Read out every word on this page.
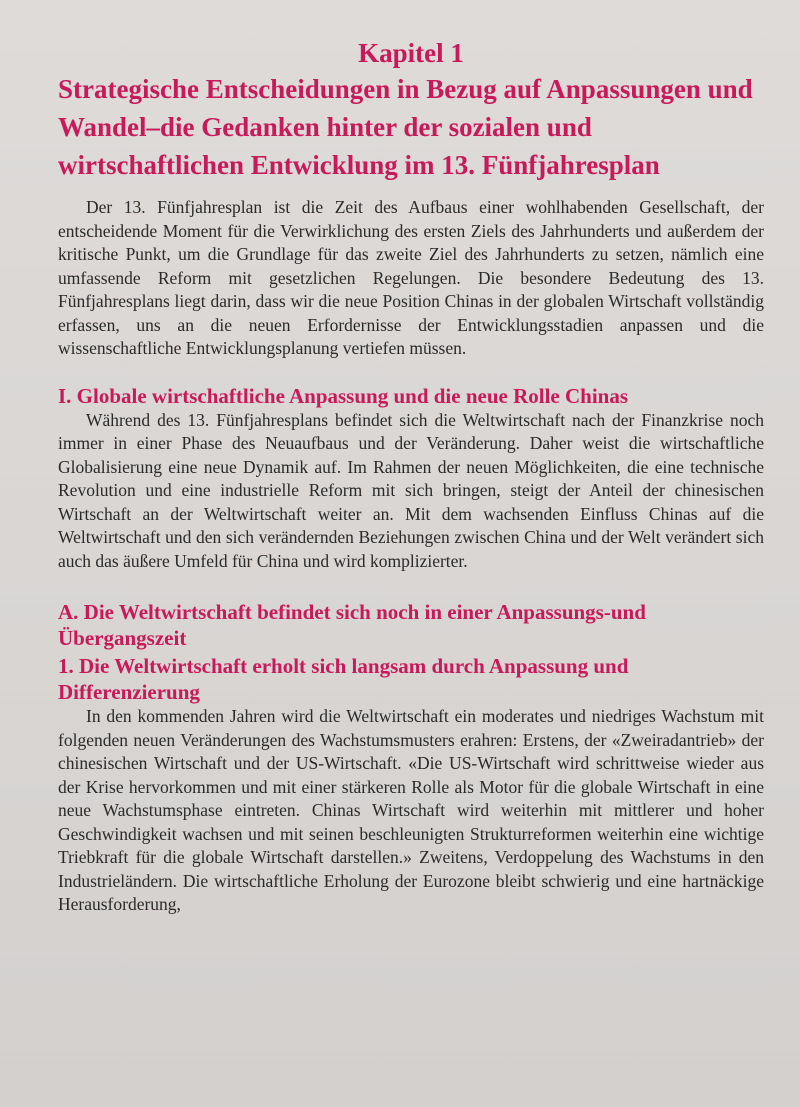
Kapitel 1
Strategische Entscheidungen in Bezug auf Anpassungen und Wandel–die Gedanken hinter der sozialen und wirtschaftlichen Entwicklung im 13. Fünfjahresplan

Der 13. Fünfjahresplan ist die Zeit des Aufbaus einer wohlhabenden Gesellschaft, der entscheidende Moment für die Verwirklichung des ersten Ziels des Jahrhunderts und außerdem der kritische Punkt, um die Grundlage für das zweite Ziel des Jahrhunderts zu setzen, nämlich eine umfassende Reform mit gesetzlichen Regelungen. Die besondere Bedeutung des 13. Fünfjahresplans liegt darin, dass wir die neue Position Chinas in der globalen Wirtschaft vollständig erfassen, uns an die neuen Erfordernisse der Entwicklungsstadien anpassen und die wissenschaftliche Entwicklungsplanung vertiefen müssen.

I. Globale wirtschaftliche Anpassung und die neue Rolle Chinas

Während des 13. Fünfjahresplans befindet sich die Weltwirtschaft nach der Finanzkrise noch immer in einer Phase des Neuaufbaus und der Veränderung. Daher weist die wirtschaftliche Globalisierung eine neue Dynamik auf. Im Rahmen der neuen Möglichkeiten, die eine technische Revolution und eine industrielle Reform mit sich bringen, steigt der Anteil der chinesischen Wirtschaft an der Weltwirtschaft weiter an. Mit dem wachsenden Einfluss Chinas auf die Weltwirtschaft und den sich verändernden Beziehungen zwischen China und der Welt verändert sich auch das äußere Umfeld für China und wird komplizierter.

A. Die Weltwirtschaft befindet sich noch in einer Anpassungs-und Übergangszeit
1. Die Weltwirtschaft erholt sich langsam durch Anpassung und Differenzierung

In den kommenden Jahren wird die Weltwirtschaft ein moderates und niedriges Wachstum mit folgenden neuen Veränderungen des Wachstumsmusters erahren: Erstens, der «Zweiradantrieb» der chinesischen Wirtschaft und der US-Wirtschaft. «Die US-Wirtschaft wird schrittweise wieder aus der Krise hervorkommen und mit einer stärkeren Rolle als Motor für die globale Wirtschaft in eine neue Wachstumsphase eintreten. Chinas Wirtschaft wird weiterhin mit mittlerer und hoher Geschwindigkeit wachsen und mit seinen beschleunigten Strukturreformen weiterhin eine wichtige Triebkraft für die globale Wirtschaft darstellen.» Zweitens, Verdoppelung des Wachstums in den Industrieländern. Die wirtschaftliche Erholung der Eurozone bleibt schwierig und eine hartnäckige Herausforderung,
